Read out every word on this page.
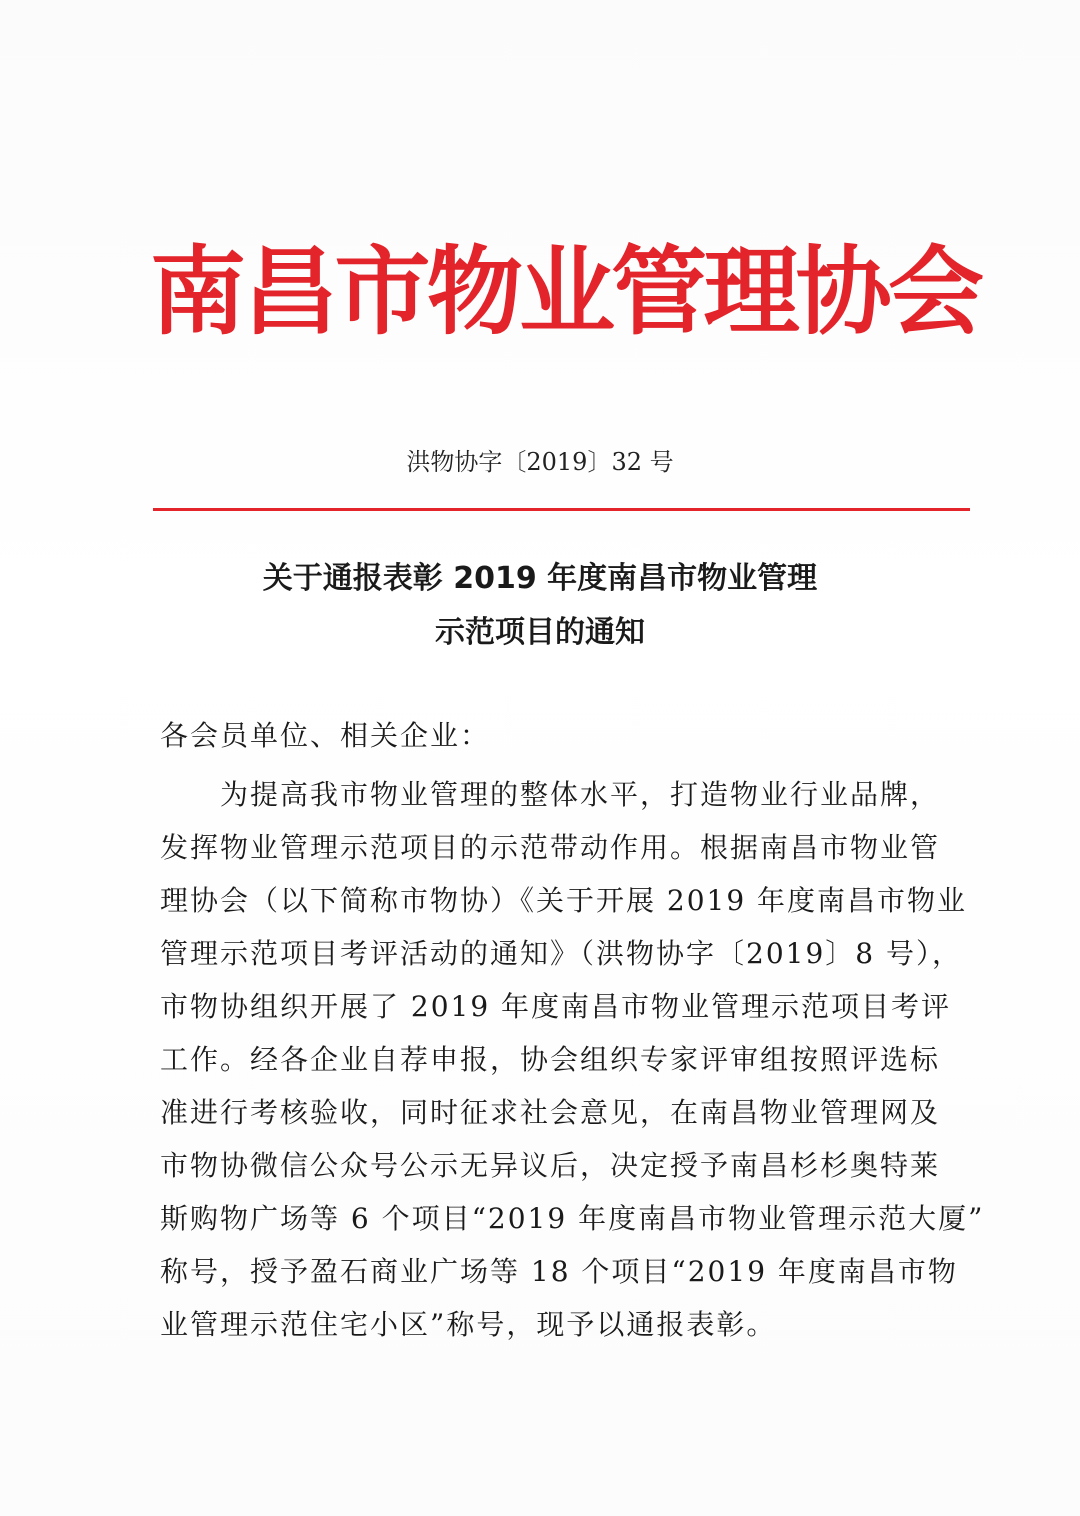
南
昌
市
物
业
管
理
协
会
洪物协字〔2019〕32 号
关于通报表彰 2019 年度南昌市物业管理
示范项目的通知
各会员单位、相关企业：
　　为提高我市物业管理的整体水平，打造物业行业品牌，
发挥物业管理示范项目的示范带动作用。根据南昌市物业管
理协会（以下简称市物协）《关于开展 2019 年度南昌市物业
管理示范项目考评活动的通知》（洪物协字〔2019〕8 号），
市物协组织开展了 2019 年度南昌市物业管理示范项目考评
工作。经各企业自荐申报，协会组织专家评审组按照评选标
准进行考核验收，同时征求社会意见，在南昌物业管理网及
市物协微信公众号公示无异议后，决定授予南昌杉杉奥特莱
斯购物广场等 6 个项目“2019 年度南昌市物业管理示范大厦”
称号，授予盈石商业广场等 18 个项目“2019 年度南昌市物
业管理示范住宅小区”称号，现予以通报表彰。
